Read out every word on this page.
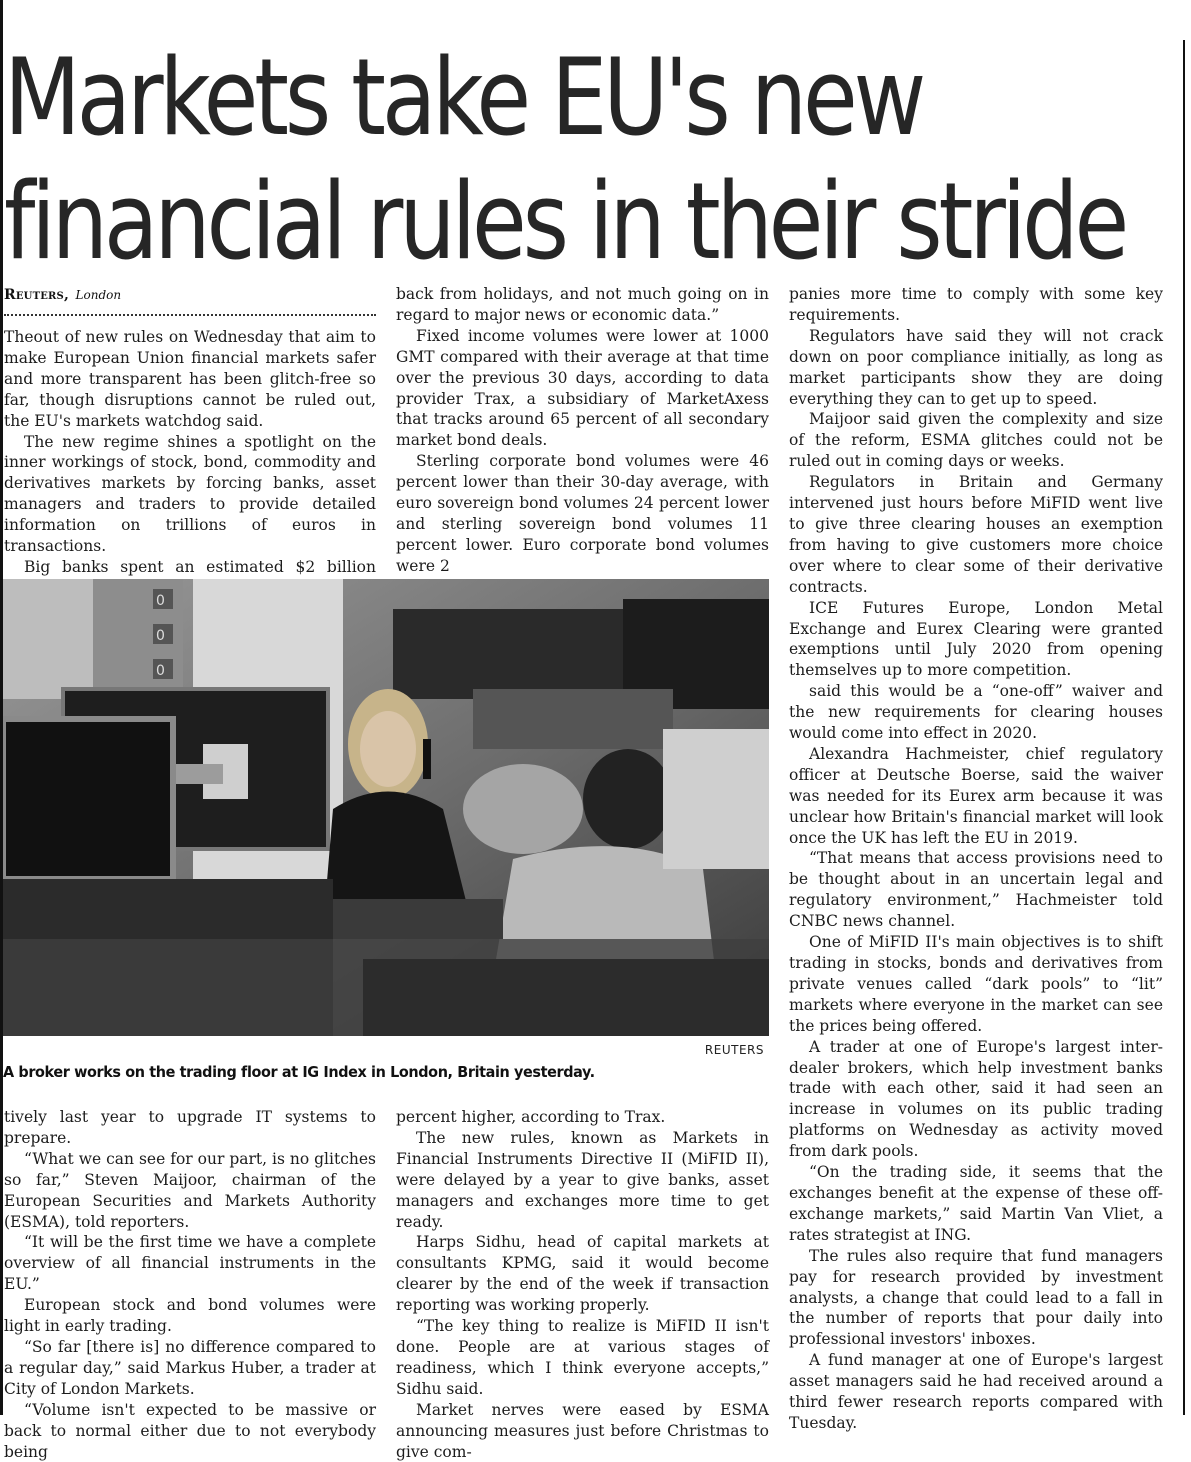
Markets take EU's new financial rules in their stride
Reuters, London

Theout of new rules on Wednesday that aim to make European Union financial markets safer and more transparent has been glitch-free so far, though disruptions cannot be ruled out, the EU's markets watchdog said.

The new regime shines a spotlight on the inner workings of stock, bond, commodity and derivatives markets by forcing banks, asset managers and traders to provide detailed information on trillions of euros in transactions.

Big banks spent an estimated $2 billion

back from holidays, and not much going on in regard to major news or economic data.”

Fixed income volumes were lower at 1000 GMT compared with their average at that time over the previous 30 days, according to data provider Trax, a subsidiary of MarketAxess that tracks around 65 percent of all secondary market bond deals.

Sterling corporate bond volumes were 46 percent lower than their 30-day average, with euro sovereign bond volumes 24 percent lower and sterling sovereign bond volumes 11 percent lower. Euro corporate bond volumes were 2

0
0
0
REUTERS
A broker works on the trading floor at IG Index in London, Britain yesterday.

tively last year to upgrade IT systems to prepare.

“What we can see for our part, is no glitches so far,” Steven Maijoor, chairman of the European Securities and Markets Authority (ESMA), told reporters.

“It will be the first time we have a complete overview of all financial instruments in the EU.”

European stock and bond volumes were light in early trading.

“So far [there is] no difference compared to a regular day,” said Markus Huber, a trader at City of London Markets.

“Volume isn't expected to be massive or back to normal either due to not everybody being

percent higher, according to Trax.

The new rules, known as Markets in Financial Instruments Directive II (MiFID II), were delayed by a year to give banks, asset managers and exchanges more time to get ready.

Harps Sidhu, head of capital markets at consultants KPMG, said it would become clearer by the end of the week if transaction reporting was working properly.

“The key thing to realize is MiFID II isn't done. People are at various stages of readiness, which I think everyone accepts,” Sidhu said.

Market nerves were eased by ESMA announcing measures just before Christmas to give com-

panies more time to comply with some key requirements.

Regulators have said they will not crack down on poor compliance initially, as long as market participants show they are doing everything they can to get up to speed.

Maijoor said given the complexity and size of the reform, ESMA glitches could not be ruled out in coming days or weeks.

Regulators in Britain and Germany intervened just hours before MiFID went live to give three clearing houses an exemption from having to give customers more choice over where to clear some of their derivative contracts.

ICE Futures Europe, London Metal Exchange and Eurex Clearing were granted exemptions until July 2020 from opening themselves up to more competition.

said this would be a “one-off” waiver and the new requirements for clearing houses would come into effect in 2020.

Alexandra Hachmeister, chief regulatory officer at Deutsche Boerse, said the waiver was needed for its Eurex arm because it was unclear how Britain's financial market will look once the UK has left the EU in 2019.

“That means that access provisions need to be thought about in an uncertain legal and regulatory environment,” Hachmeister told CNBC news channel.

One of MiFID II's main objectives is to shift trading in stocks, bonds and derivatives from private venues called “dark pools” to “lit” markets where everyone in the market can see the prices being offered.

A trader at one of Europe's largest inter-dealer brokers, which help investment banks trade with each other, said it had seen an increase in volumes on its public trading platforms on Wednesday as activity moved from dark pools.

“On the trading side, it seems that the exchanges benefit at the expense of these off-exchange markets,” said Martin Van Vliet, a rates strategist at ING.

The rules also require that fund managers pay for research provided by investment analysts, a change that could lead to a fall in the number of reports that pour daily into professional investors' inboxes.

A fund manager at one of Europe's largest asset managers said he had received around a third fewer research reports compared with Tuesday.
